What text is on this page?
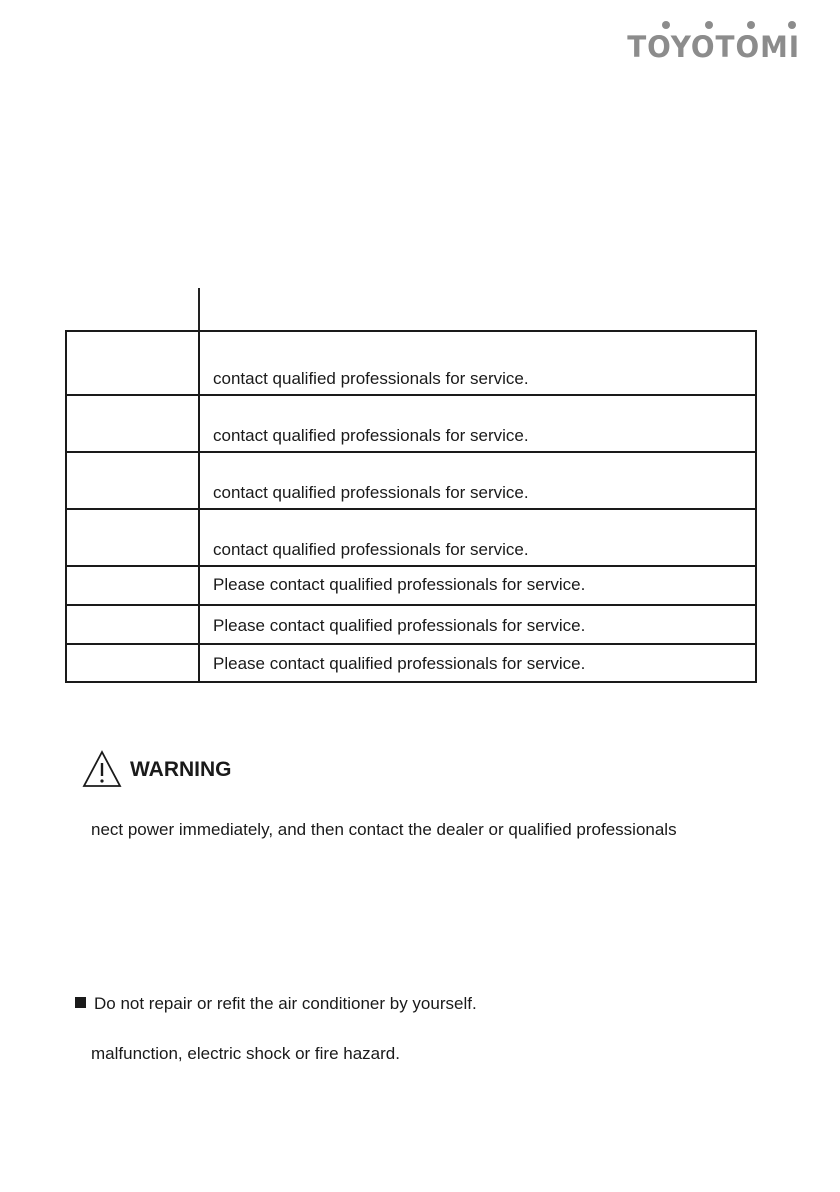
TOYOTOMI
contact qualified professionals for service.
contact qualified professionals for service.
contact qualified professionals for service.
contact qualified professionals for service.
Please contact qualified professionals for service.
Please contact qualified professionals for service.
Please contact qualified professionals for service.
WARNING
nect power immediately, and then contact the dealer or qualified professionals
Do not repair or refit the air conditioner by yourself.
malfunction, electric shock or fire hazard.
